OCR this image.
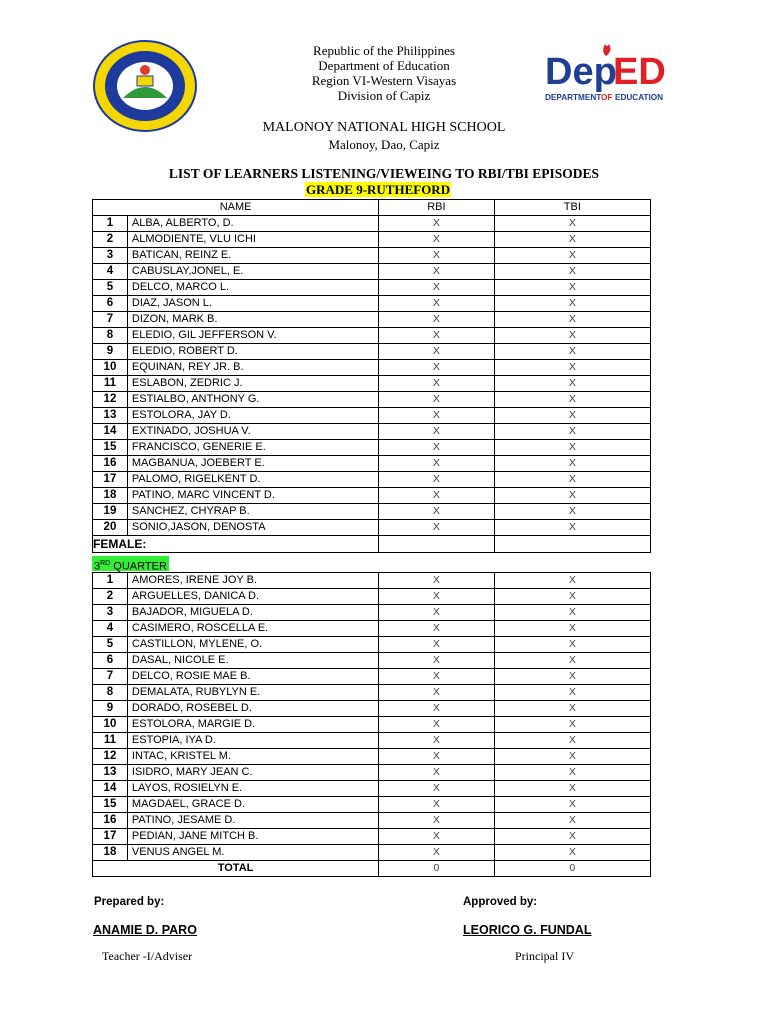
Dep
ED
DEPARTMENT OF EDUCATION
Republic of the Philippines
Department of Education
Region VI-Western Visayas
Division of Capiz
MALONOY NATIONAL HIGH SCHOOL
Malonoy, Dao, Capiz
LIST OF LEARNERS LISTENING/VIEWEING TO RBI/TBI EPISODES
GRADE 9-RUTHEFORD
NAME		RBI	TBI
1	ALBA, ALBERTO, D.	X	X
2	ALMODIENTE, VLU ICHI	X	X
3	BATICAN, REINZ E.	X	X
4	CABUSLAY,JONEL, E.	X	X
5	DELCO, MARCO L.	X	X
6	DIAZ, JASON L.	X	X
7	DIZON, MARK B.	X	X
8	ELEDIO, GIL JEFFERSON V.	X	X
9	ELEDIO, ROBERT D.	X	X
10	EQUINAN, REY JR. B.	X	X
11	ESLABON, ZEDRIC J.	X	X
12	ESTIALBO, ANTHONY G.	X	X
13	ESTOLORA, JAY D.	X	X
14	EXTINADO, JOSHUA V.	X	X
15	FRANCISCO, GENERIE E.	X	X
16	MAGBANUA, JOEBERT E.	X	X
17	PALOMO, RIGELKENT D.	X	X
18	PATINO, MARC VINCENT D.	X	X
19	SANCHEZ, CHYRAP B.	X	X
20	SONIO,JASON, DENOSTA	X	X
FEMALE:			
3RD QUARTER
1	AMORES, IRENE JOY B.	X	X
2	ARGUELLES, DANICA D.	X	X
3	BAJADOR, MIGUELA D.	X	X
4	CASIMERO, ROSCELLA E.	X	X
5	CASTILLON, MYLENE, O.	X	X
6	DASAL, NICOLE E.	X	X
7	DELCO, ROSIE MAE B.	X	X
8	DEMALATA, RUBYLYN E.	X	X
9	DORADO, ROSEBEL D.	X	X
10	ESTOLORA, MARGIE D.	X	X
11	ESTOPIA, IYA D.	X	X
12	INTAC, KRISTEL M.	X	X
13	ISIDRO, MARY JEAN C.	X	X
14	LAYOS, ROSIELYN E.	X	X
15	MAGDAEL, GRACE D.	X	X
16	PATINO, JESAME D.	X	X
17	PEDIAN, JANE MITCH B.	X	X
18	VENUS ANGEL M.	X	X
TOTAL		0	0
Prepared by:	Approved by:
ANAMIE D. PARO	LEORICO G. FUNDAL
Teacher -I/Adviser	Principal IV
